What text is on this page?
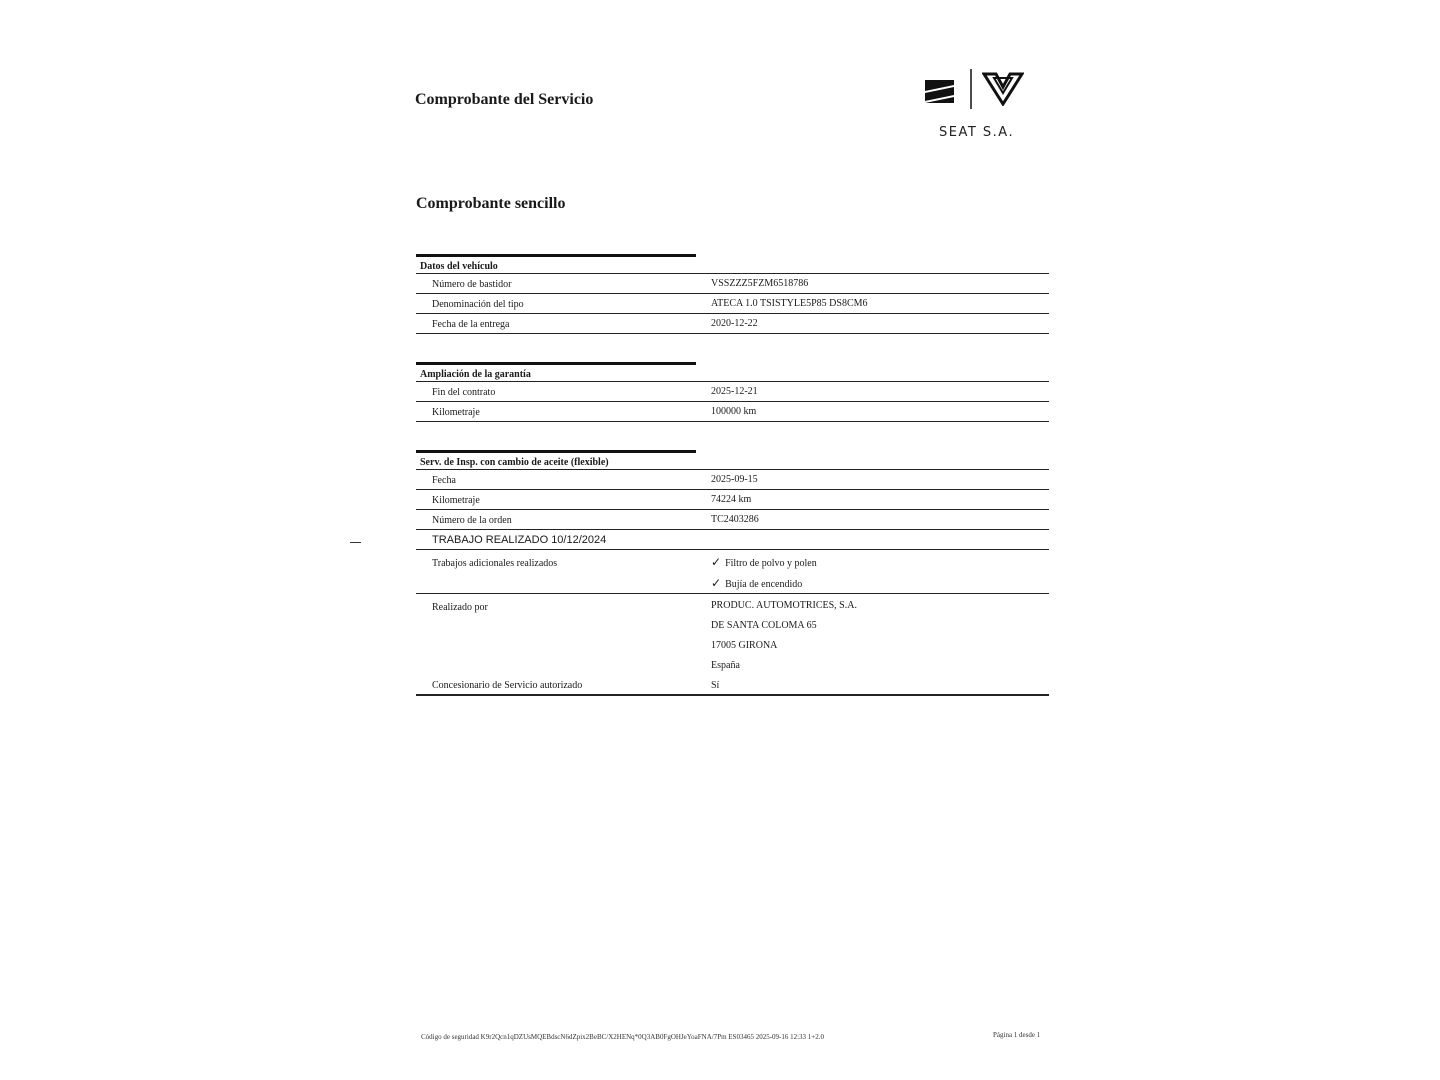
Comprobante del Servicio
SEAT S.A.
Comprobante sencillo
Datos del vehículo
Número de bastidor	VSSZZZ5FZM6518786
Denominación del tipo	ATECA 1.0 TSISTYLE5P85 DS8CM6
Fecha de la entrega	2020-12-22
Ampliación de la garantía
Fin del contrato	2025-12-21
Kilometraje	100000 km
Serv. de Insp. con cambio de aceite (flexible)
Fecha	2025-09-15
Kilometraje	74224 km
Número de la orden	TC2403286
TRABAJO REALIZADO 10/12/2024
Trabajos adicionales realizados	✓ Filtro de polvo y polen
✓ Bujía de encendido
Realizado por	PRODUC. AUTOMOTRICES, S.A.
DE SANTA COLOMA 65
17005 GIRONA
España
Concesionario de Servicio autorizado	Sí
Código de seguridad K9r2Qcn1qDZUsMQEBdscN6dZpix2BeBC/X2HENq*0Q3AB0FgOHJeYoaFNA/7Pm ES03465 2025-09-16 12:33 1+2.0	Página 1 desde 1
